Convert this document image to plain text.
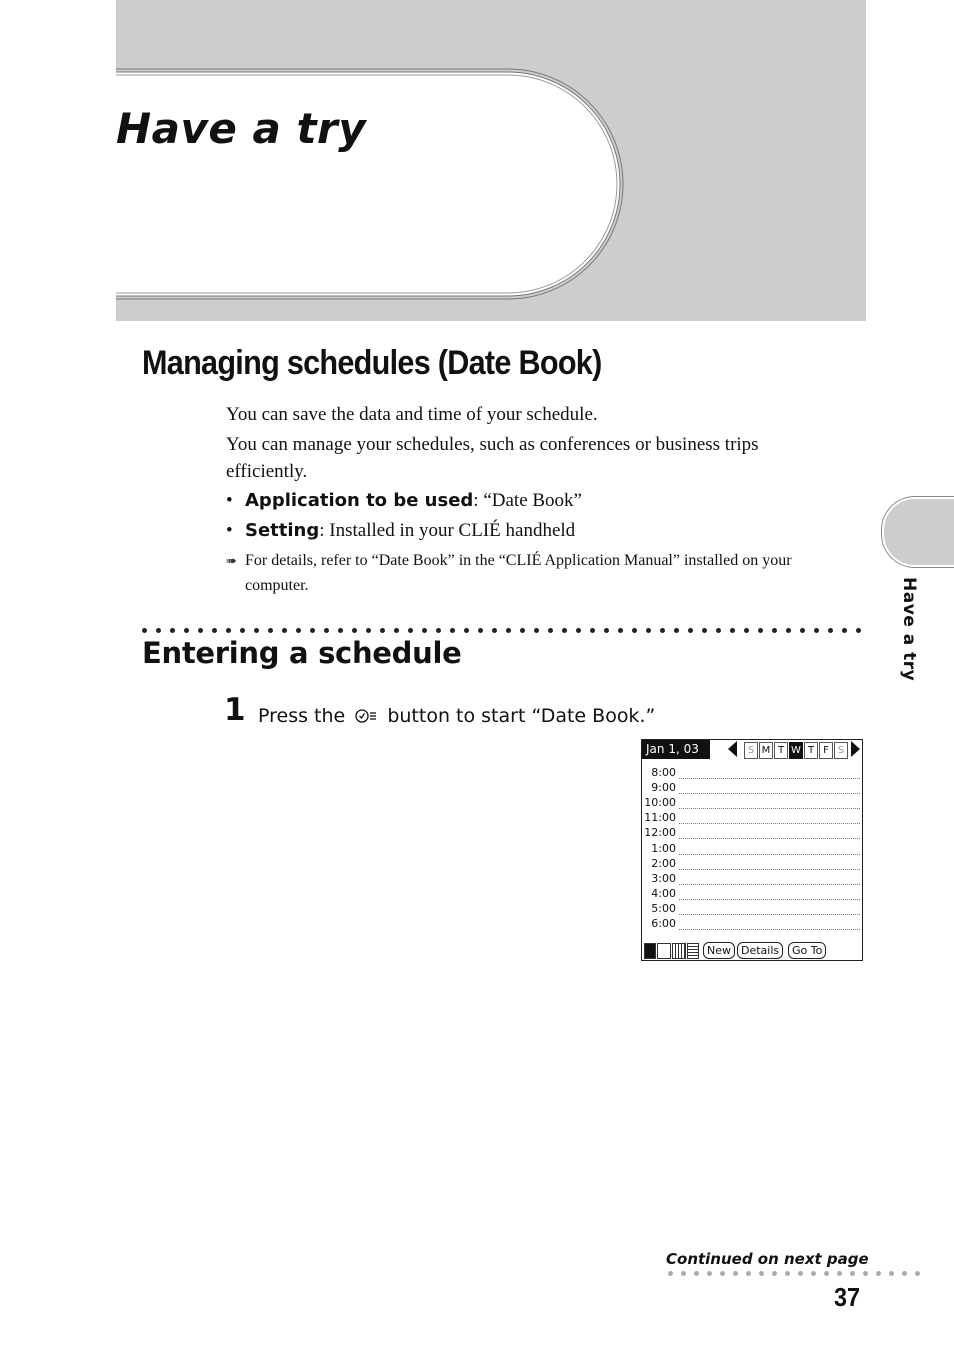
Have a try
Have a try
Managing schedules (Date Book)

You can save the data and time of your schedule.

You can manage your schedules, such as conferences or business trips

efficiently.

• Application to be used: “Date Book”

• Setting: Installed in your CLIÉ handheld

➠ For details, refer to “Date Book” in the “CLIÉ Application Manual” installed on your
computer.
Entering a schedule
1 Press the button to start “Date Book.”
Jan 1, 03	S M T W T F S
8:00
9:00
10:00
11:00
12:00
1:00
2:00
3:00
4:00
5:00
6:00
New Details	Go To
Continued on next page
37
